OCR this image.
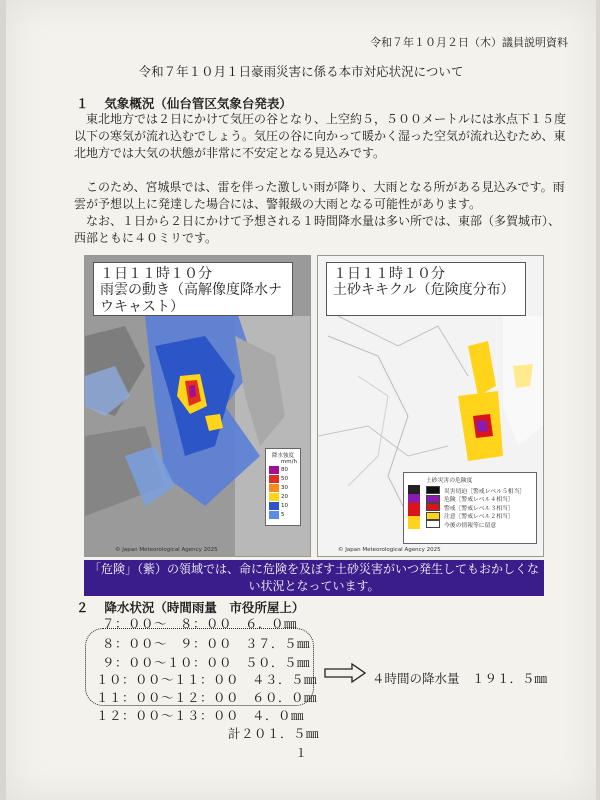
令和７年１０月２日（木）議員説明資料
令和７年１０月１日豪雨災害に係る本市対応状況について
１ 気象概況（仙台管区気象台発表）
東北地方では２日にかけて気圧の谷となり、上空約５，５００メートルには氷点下１５度以下の寒気が流れ込むでしょう。気圧の谷に向かって暖かく湿った空気が流れ込むため、東北地方では大気の状態が非常に不安定となる見込みです。
このため、宮城県では、雷を伴った激しい雨が降り、大雨となる所がある見込みです。雨雲が予想以上に発達した場合には、警報級の大雨となる可能性があります。
なお、１日から２日にかけて予想される１時間降水量は多い所では、東部（多賀城市）、西部ともに４０ミリです。
１日１１時１０分
雨雲の動き（高解像度降水ナウキャスト）
降水強度
mm/h
80
50
30
20
10
5
© Japan Meteorological Agency 2025
１日１１時１０分
土砂キキクル（危険度分布）
土砂災害の危険度
災害切迫 ［警戒レベル５相当］
危険 ［警戒レベル４相当］
警戒 ［警戒レベル３相当］
注意 ［警戒レベル２相当］
今後の情報等に留意
© Japan Meteorological Agency 2025
「危険」（紫）の領域では、命に危険を及ぼす土砂災害がいつ発生してもおかしくない状況となっています。
２ 降水状況（時間雨量　市役所屋上）
７：００～　８：００　 ６．０㎜
８：００～　９：００　 ３７．５㎜
９：００～１０：００　 ５０．５㎜
１０：００～１１：００　 ４３．５㎜
１１：００～１２：００　 ６０．０㎜
１２：００～１３：００　 ４．０㎜
計２０１．５㎜
４時間の降水量　１９１．５㎜
１
